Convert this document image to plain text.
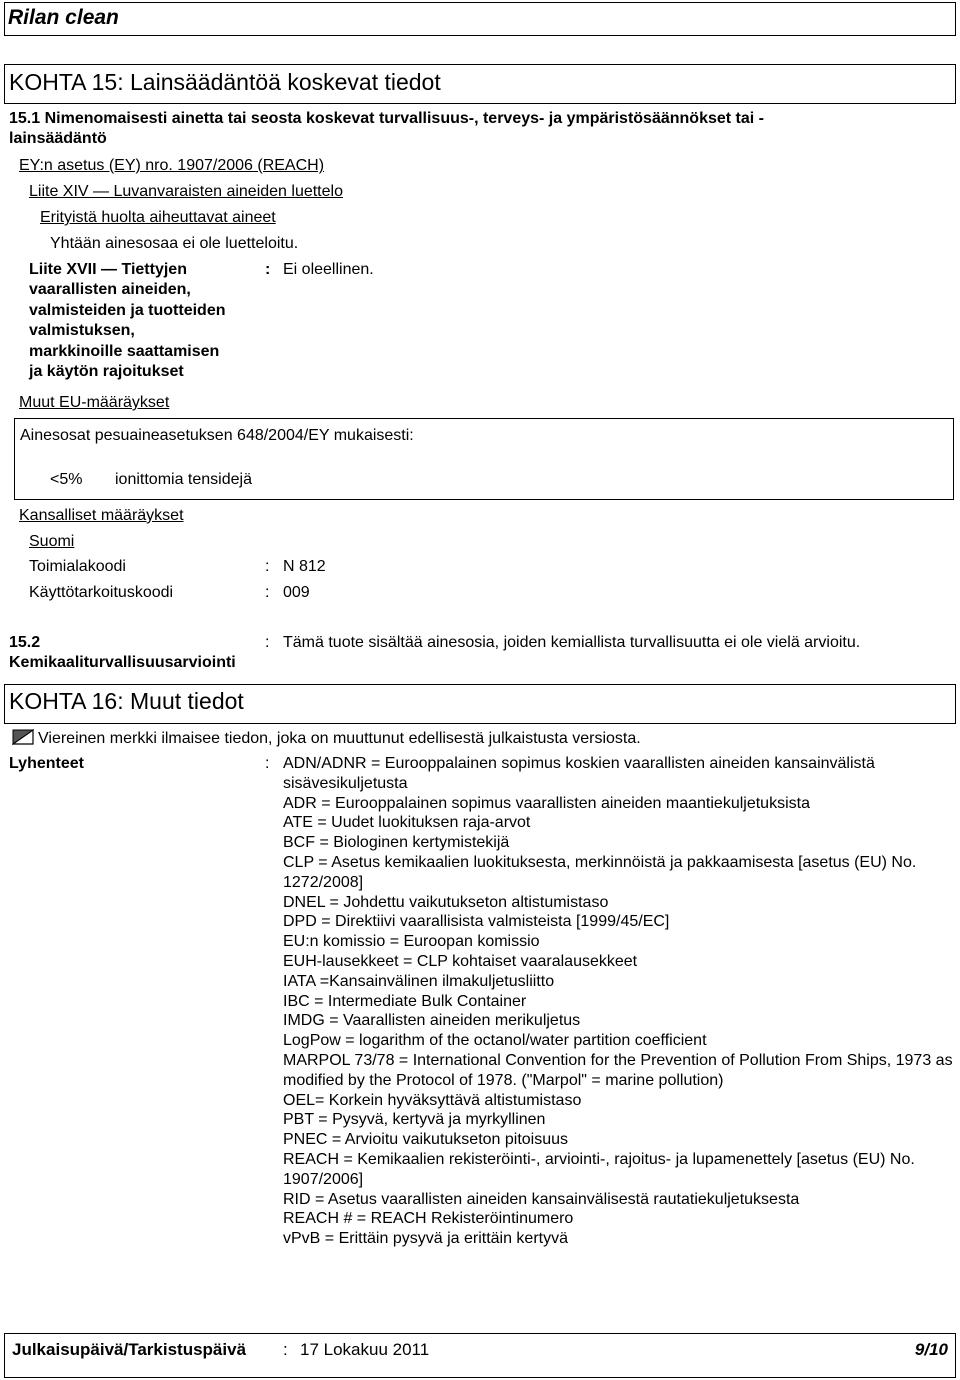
Rilan clean
KOHTA 15: Lainsäädäntöä koskevat tiedot
15.1 Nimenomaisesti ainetta tai seosta koskevat turvallisuus-, terveys- ja ympäristösäännökset tai -
lainsäädäntö
EY:n asetus (EY) nro. 1907/2006 (REACH)
Liite XIV — Luvanvaraisten aineiden luettelo
Erityistä huolta aiheuttavat aineet
Yhtään ainesosaa ei ole luetteloitu.
Liite XVII — Tiettyjen
vaarallisten aineiden,
valmisteiden ja tuotteiden
valmistuksen,
markkinoille saattamisen
ja käytön rajoitukset
: Ei oleellinen.
Muut EU-määräykset
Ainesosat pesuaineasetuksen 648/2004/EY mukaisesti:
<5% ionittomia tensidejä
Kansalliset määräykset
Suomi
Toimialakoodi	: N 812
Käyttötarkoituskoodi	: 009
15.2
Kemikaaliturvallisuusarviointi
: Tämä tuote sisältää ainesosia, joiden kemiallista turvallisuutta ei ole vielä arvioitu.
KOHTA 16: Muut tiedot
Viereinen merkki ilmaisee tiedon, joka on muuttunut edellisestä julkaistusta versiosta.
Lyhenteet	: ADN/ADNR = Eurooppalainen sopimus koskien vaarallisten aineiden kansainvälistä sisävesikuljetusta
ADR = Eurooppalainen sopimus vaarallisten aineiden maantiekuljetuksista
ATE = Uudet luokituksen raja-arvot
BCF = Biologinen kertymistekijä
CLP = Asetus kemikaalien luokituksesta, merkinnöistä ja pakkaamisesta [asetus (EU) No. 1272/2008]
DNEL = Johdettu vaikutukseton altistumistaso
DPD = Direktiivi vaarallisista valmisteista [1999/45/EC]
EU:n komissio = Euroopan komissio
EUH-lausekkeet = CLP kohtaiset vaaralausekkeet
IATA =Kansainvälinen ilmakuljetusliitto
IBC = Intermediate Bulk Container
IMDG = Vaarallisten aineiden merikuljetus
LogPow = logarithm of the octanol/water partition coefficient
MARPOL 73/78 = International Convention for the Prevention of Pollution From Ships, 1973 as modified by the Protocol of 1978. ("Marpol" = marine pollution)
OEL= Korkein hyväksyttävä altistumistaso
PBT = Pysyvä, kertyvä ja myrkyllinen
PNEC = Arvioitu vaikutukseton pitoisuus
REACH = Kemikaalien rekisteröinti-, arviointi-, rajoitus- ja lupamenettely [asetus (EU) No. 1907/2006]
RID = Asetus vaarallisten aineiden kansainvälisestä rautatiekuljetuksesta
REACH # = REACH Rekisteröintinumero
vPvB = Erittäin pysyvä ja erittäin kertyvä
Julkaisupäivä/Tarkistuspäivä : 17 Lokakuu 2011	9/10
